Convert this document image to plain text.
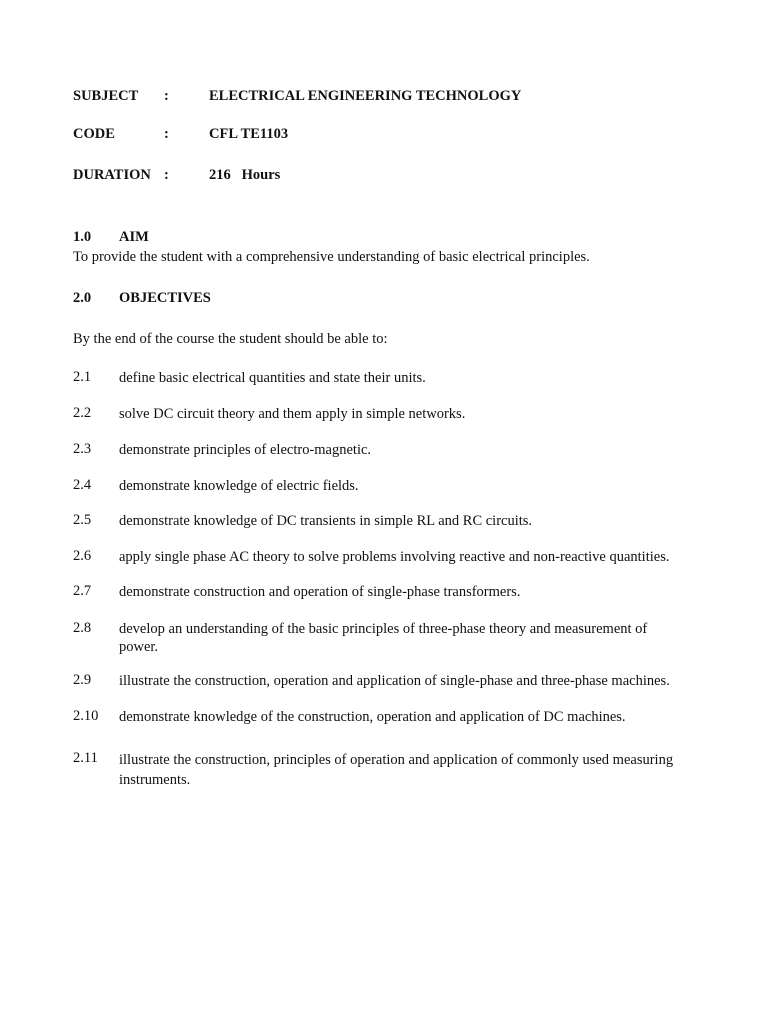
SUBJECT :	ELECTRICAL ENGINEERING TECHNOLOGY
CODE	:	CFL TE1103
DURATION :	216   Hours
1.0 AIM
To provide the student with a comprehensive understanding of basic electrical principles.
2.0 OBJECTIVES
By the end of the course the student should be able to:
2.1 define basic electrical quantities and state their units.
2.2 solve DC circuit theory and them apply in simple networks.
2.3 demonstrate principles of electro-magnetic.
2.4 demonstrate knowledge of electric fields.
2.5 demonstrate knowledge of DC transients in simple RL and RC circuits.
2.6 apply single phase AC theory to solve problems involving reactive and non-reactive quantities.
2.7 demonstrate construction and operation of single-phase transformers.
2.8 develop an understanding of the basic principles of three-phase theory and measurement of power.
2.9 illustrate the construction, operation and application of single-phase and three-phase machines.
2.10 demonstrate knowledge of the construction, operation and application of DC machines.
2.11 illustrate the construction, principles of operation and application of commonly used measuring instruments.
